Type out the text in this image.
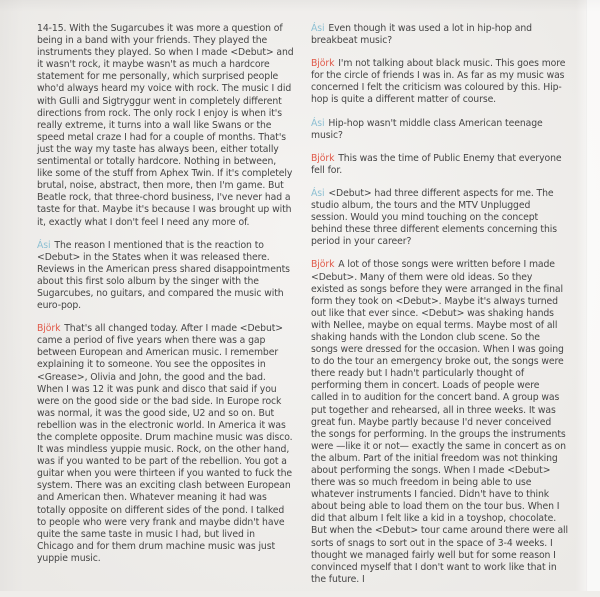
14-15. With the Sugarcubes it was more a question of being in a band with your friends. They played the instruments they played. So when I made <Debut> and it wasn't rock, it maybe wasn't as much a hardcore statement for me personally, which surprised people who'd always heard my voice with rock. The music I did with Gulli and Sigtryggur went in completely different directions from rock. The only rock I enjoy is when it's really extreme, it turns into a wall like Swans or the speed metal craze I had for a couple of months. That's just the way my taste has always been, either totally sentimental or totally hardcore. Nothing in between, like some of the stuff from Aphex Twin. If it's completely brutal, noise, abstract, then more, then I'm game. But Beatle rock, that three-chord business, I've never had a taste for that. Maybe it's because I was brought up with it, exactly what I don't feel I need any more of.

Ási The reason I mentioned that is the reaction to <Debut> in the States when it was released there. Reviews in the American press shared disappointments about this first solo album by the singer with the Sugarcubes, no guitars, and compared the music with euro-pop.

Björk That's all changed today. After I made <Debut> came a period of five years when there was a gap between European and American music. I remember explaining it to someone. You see the opposites in <Grease>, Olivia and John, the good and the bad. When I was 12 it was punk and disco that said if you were on the good side or the bad side. In Europe rock was normal, it was the good side, U2 and so on. But rebellion was in the electronic world. In America it was the complete opposite. Drum machine music was disco. It was mindless yuppie music. Rock, on the other hand, was if you wanted to be part of the rebellion. You got a guitar when you were thirteen if you wanted to fuck the system. There was an exciting clash between European and American then. Whatever meaning it had was totally opposite on different sides of the pond. I talked to people who were very frank and maybe didn't have quite the same taste in music I had, but lived in Chicago and for them drum machine music was just yuppie music.

Ási Even though it was used a lot in hip-hop and breakbeat music?

Björk I'm not talking about black music. This goes more for the circle of friends I was in. As far as my music was concerned I felt the criticism was coloured by this. Hip-hop is quite a different matter of course.

Ási Hip-hop wasn't middle class American teenage music?

Björk This was the time of Public Enemy that everyone fell for.

Ási <Debut> had three different aspects for me. The studio album, the tours and the MTV Unplugged session. Would you mind touching on the concept behind these three different elements concerning this period in your career?

Björk A lot of those songs were written before I made <Debut>. Many of them were old ideas. So they existed as songs before they were arranged in the final form they took on <Debut>. Maybe it's always turned out like that ever since. <Debut> was shaking hands with Nellee, maybe on equal terms. Maybe most of all shaking hands with the London club scene. So the songs were dressed for the occasion. When I was going to do the tour an emergency broke out, the songs were there ready but I hadn't particularly thought of performing them in concert. Loads of people were called in to audition for the concert band. A group was put together and rehearsed, all in three weeks. It was great fun. Maybe partly because I'd never conceived the songs for performing. In the groups the instruments were —like it or not— exactly the same in concert as on the album. Part of the initial freedom was not thinking about performing the songs. When I made <Debut> there was so much freedom in being able to use whatever instruments I fancied. Didn't have to think about being able to load them on the tour bus. When I did that album I felt like a kid in a toyshop, chocolate. But when the <Debut> tour came around there were all sorts of snags to sort out in the space of 3-4 weeks. I thought we managed fairly well but for some reason I convinced myself that I don't want to work like that in the future. I
